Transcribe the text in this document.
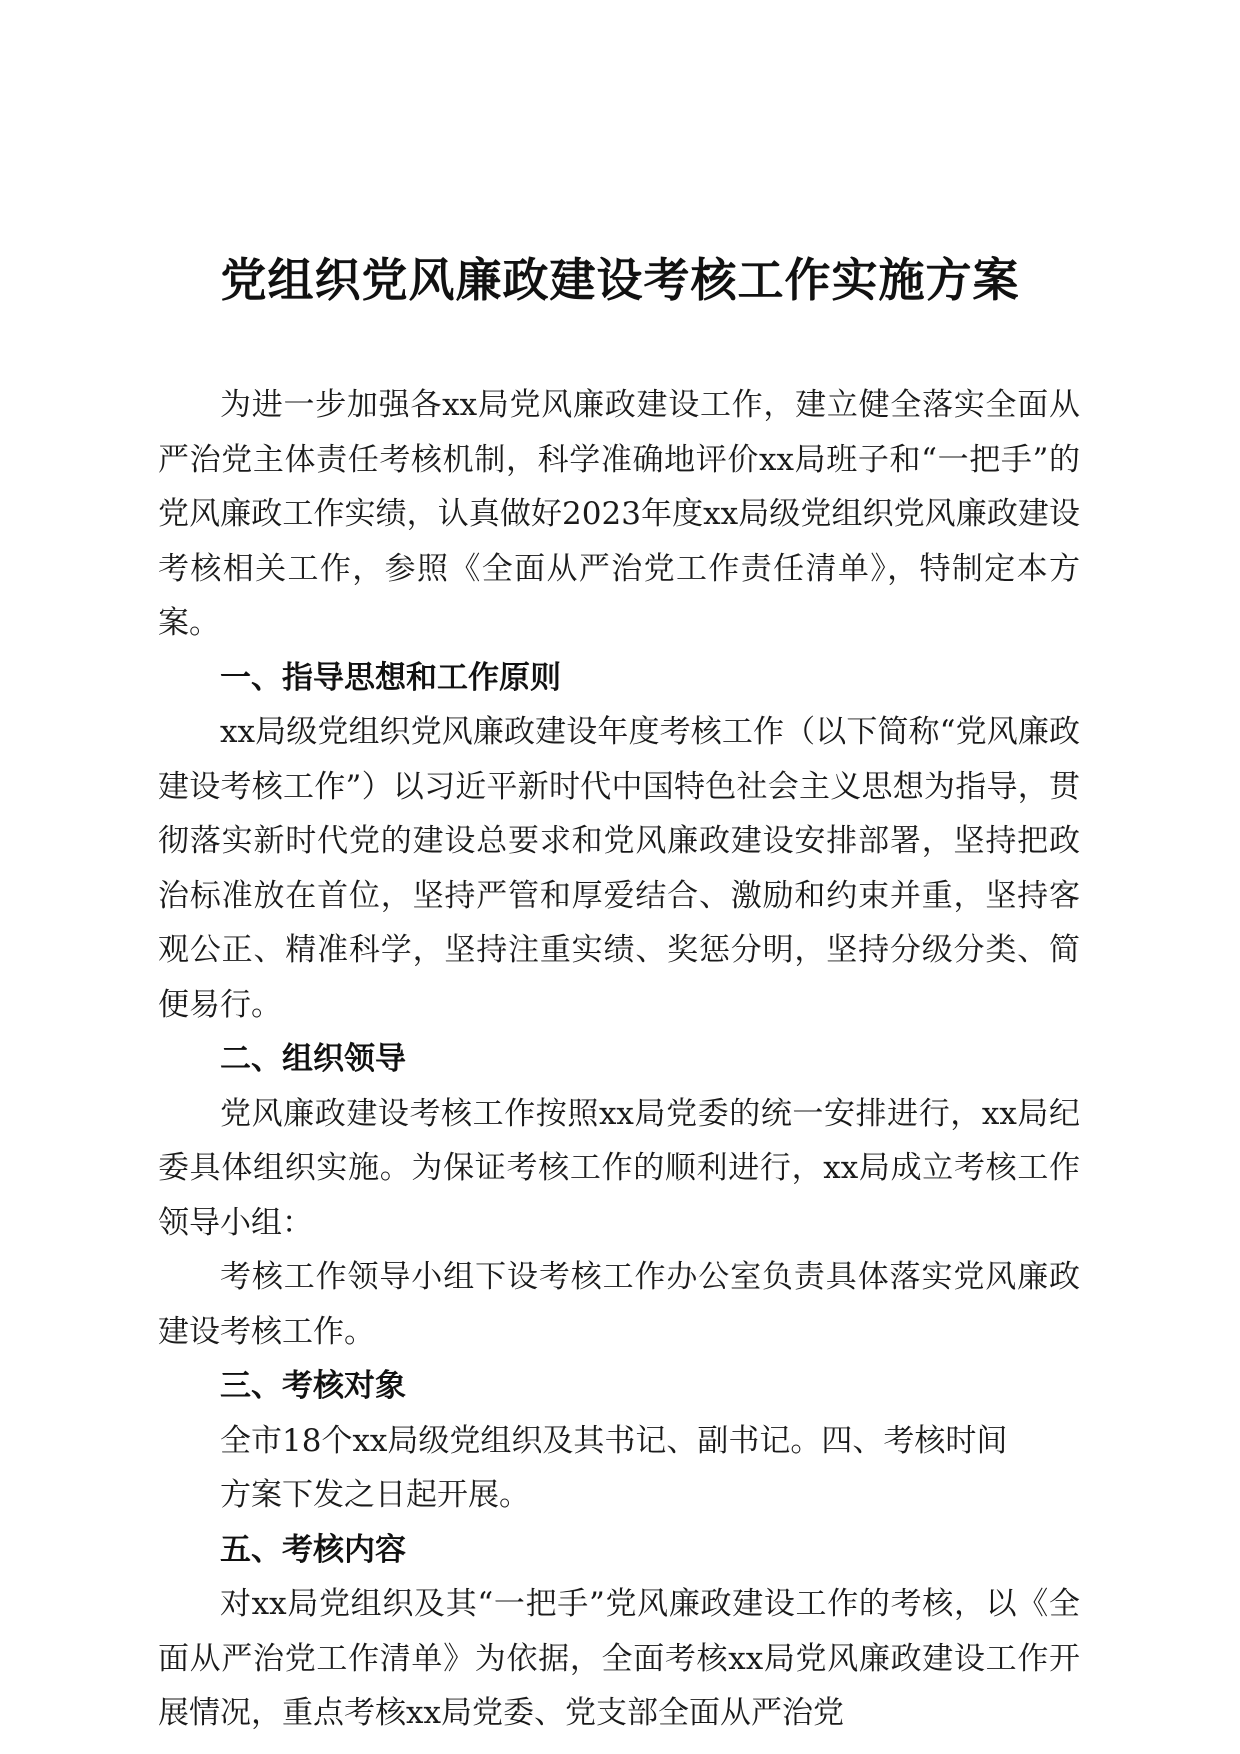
党组织党风廉政建设考核工作实施方案

为进一步加强各xx局党风廉政建设工作，建立健全落实全面从严治党主体责任考核机制，科学准确地评价xx局班子和“一把手”的党风廉政工作实绩，认真做好2023年度xx局级党组织党风廉政建设考核相关工作，参照《全面从严治党工作责任清单》，特制定本方案。

一、指导思想和工作原则

xx局级党组织党风廉政建设年度考核工作（以下简称“党风廉政建设考核工作”）以习近平新时代中国特色社会主义思想为指导，贯彻落实新时代党的建设总要求和党风廉政建设安排部署，坚持把政治标准放在首位，坚持严管和厚爱结合、激励和约束并重，坚持客观公正、精准科学，坚持注重实绩、奖惩分明，坚持分级分类、简便易行。

二、组织领导

党风廉政建设考核工作按照xx局党委的统一安排进行，xx局纪委具体组织实施。为保证考核工作的顺利进行，xx局成立考核工作领导小组：

考核工作领导小组下设考核工作办公室负责具体落实党风廉政建设考核工作。

三、考核对象

全市18个xx局级党组织及其书记、副书记。四、考核时间

方案下发之日起开展。

五、考核内容

对xx局党组织及其“一把手”党风廉政建设工作的考核，以《全面从严治党工作清单》为依据，全面考核xx局党风廉政建设工作开展情况，重点考核xx局党委、党支部全面从严治党
